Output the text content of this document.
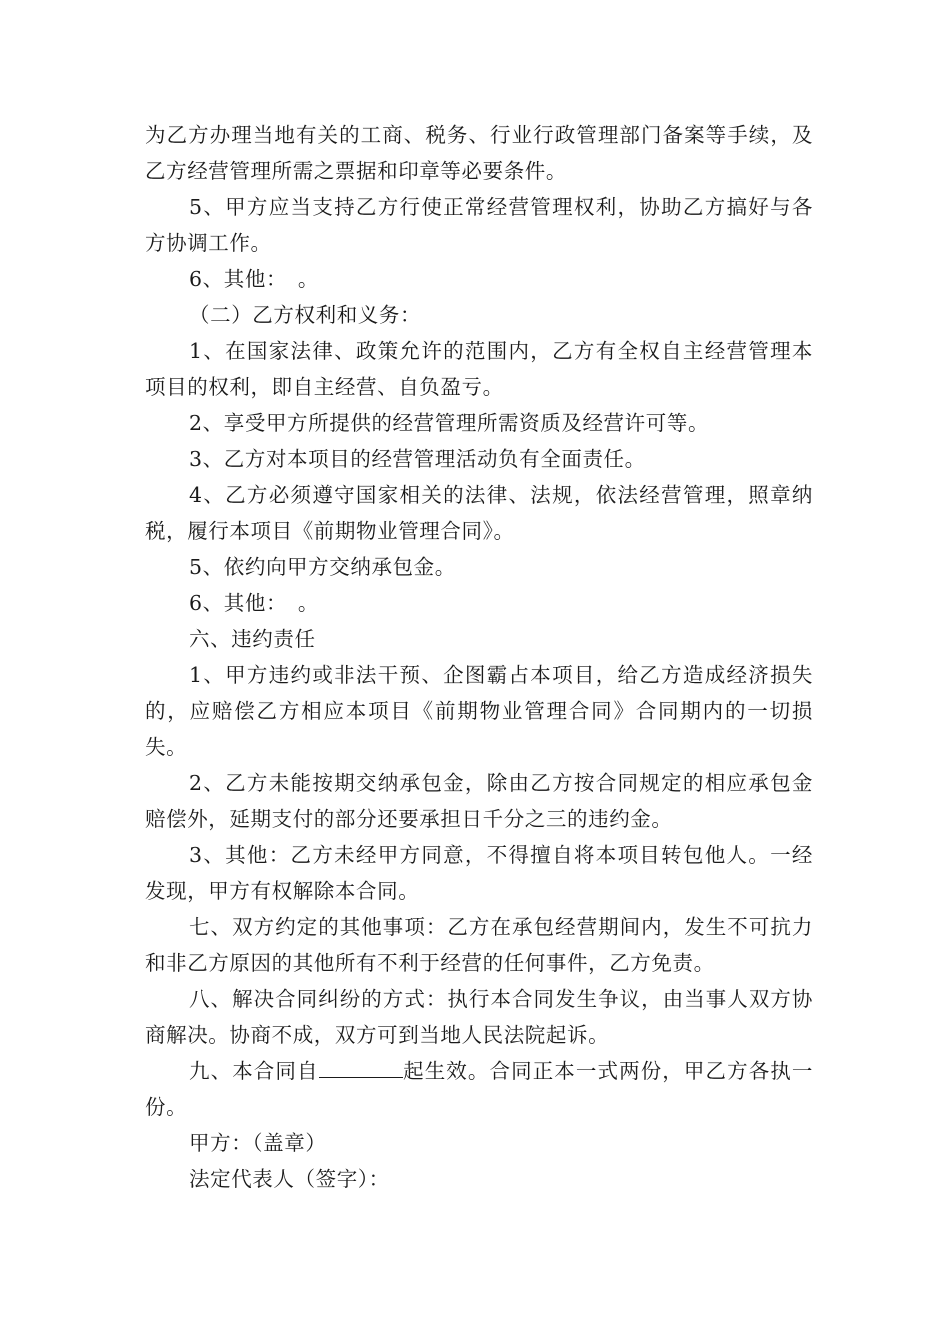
为乙方办理当地有关的工商、税务、行业行政管理部门备案等手续，及乙方经营管理所需之票据和印章等必要条件。

5、甲方应当支持乙方行使正常经营管理权利，协助乙方搞好与各方协调工作。

6、其他：　。

（二）乙方权利和义务：

1、在国家法律、政策允许的范围内，乙方有全权自主经营管理本项目的权利，即自主经营、自负盈亏。

2、享受甲方所提供的经营管理所需资质及经营许可等。

3、乙方对本项目的经营管理活动负有全面责任。

4、乙方必须遵守国家相关的法律、法规，依法经营管理，照章纳税，履行本项目《前期物业管理合同》。

5、依约向甲方交纳承包金。

6、其他：　。

六、违约责任

1、甲方违约或非法干预、企图霸占本项目，给乙方造成经济损失的，应赔偿乙方相应本项目《前期物业管理合同》合同期内的一切损失。

2、乙方未能按期交纳承包金，除由乙方按合同规定的相应承包金赔偿外，延期支付的部分还要承担日千分之三的违约金。

3、其他：乙方未经甲方同意，不得擅自将本项目转包他人。一经发现，甲方有权解除本合同。

七、双方约定的其他事项：乙方在承包经营期间内，发生不可抗力和非乙方原因的其他所有不利于经营的任何事件，乙方免责。

八、解决合同纠纷的方式：执行本合同发生争议，由当事人双方协商解决。协商不成，双方可到当地人民法院起诉。

九、本合同自	起生效。合同正本一式两份，甲乙方各执一份。

甲方：（盖章）

法定代表人（签字）：
